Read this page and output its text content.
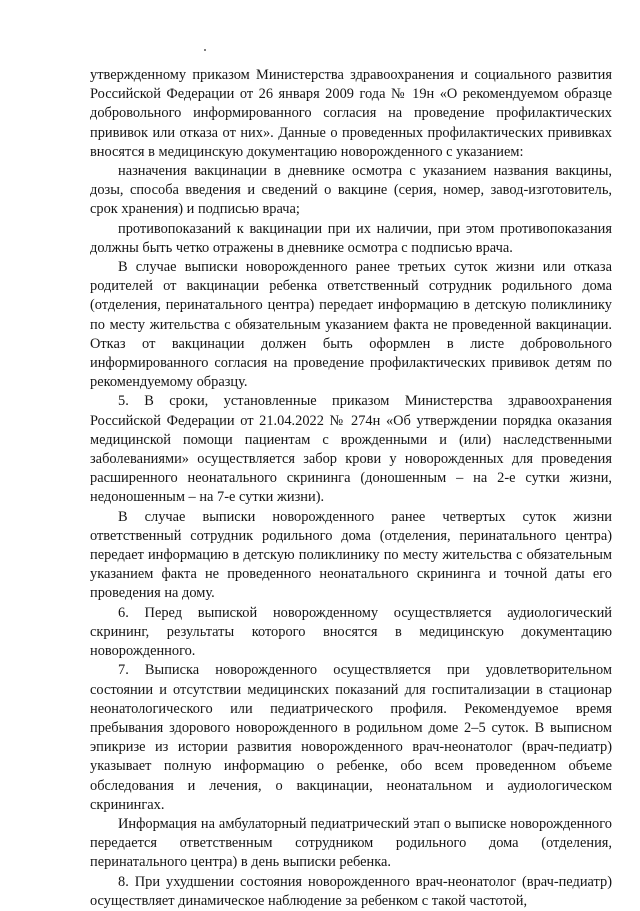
утвержденному приказом Министерства здравоохранения и социального развития Российской Федерации от 26 января 2009 года № 19н «О рекомендуемом образце добровольного информированного согласия на проведение профилактических прививок или отказа от них». Данные о проведенных профилактических прививках вносятся в медицинскую документацию новорожденного с указанием:

назначения вакцинации в дневнике осмотра с указанием названия вакцины, дозы, способа введения и сведений о вакцине (серия, номер, завод-изготовитель, срок хранения) и подписью врача;

противопоказаний к вакцинации при их наличии, при этом противопоказания должны быть четко отражены в дневнике осмотра с подписью врача.

В случае выписки новорожденного ранее третьих суток жизни или отказа родителей от вакцинации ребенка ответственный сотрудник родильного дома (отделения, перинатального центра) передает информацию в детскую поликлинику по месту жительства с обязательным указанием факта не проведенной вакцинации. Отказ от вакцинации должен быть оформлен в листе добровольного информированного согласия на проведение профилактических прививок детям по рекомендуемому образцу.

5. В сроки, установленные приказом Министерства здравоохранения Российской Федерации от 21.04.2022 № 274н «Об утверждении порядка оказания медицинской помощи пациентам с врожденными и (или) наследственными заболеваниями» осуществляется забор крови у новорожденных для проведения расширенного неонатального скрининга (доношенным – на 2-е сутки жизни, недоношенным – на 7-е сутки жизни).

В случае выписки новорожденного ранее четвертых суток жизни ответственный сотрудник родильного дома (отделения, перинатального центра) передает информацию в детскую поликлинику по месту жительства с обязательным указанием факта не проведенного неонатального скрининга и точной даты его проведения на дому.

6. Перед выпиской новорожденному осуществляется аудиологический скрининг, результаты которого вносятся в медицинскую документацию новорожденного.

7. Выписка новорожденного осуществляется при удовлетворительном состоянии и отсутствии медицинских показаний для госпитализации в стационар неонатологического или педиатрического профиля. Рекомендуемое время пребывания здорового новорожденного в родильном доме 2–5 суток. В выписном эпикризе из истории развития новорожденного врач-неонатолог (врач-педиатр) указывает полную информацию о ребенке, обо всем проведенном объеме обследования и лечения, о вакцинации, неонатальном и аудиологическом скринингах.

Информация на амбулаторный педиатрический этап о выписке новорожденного передается ответственным сотрудником родильного дома (отделения, перинатального центра) в день выписки ребенка.

8. При ухудшении состояния новорожденного врач-неонатолог (врач-педиатр) осуществляет динамическое наблюдение за ребенком с такой частотой,
